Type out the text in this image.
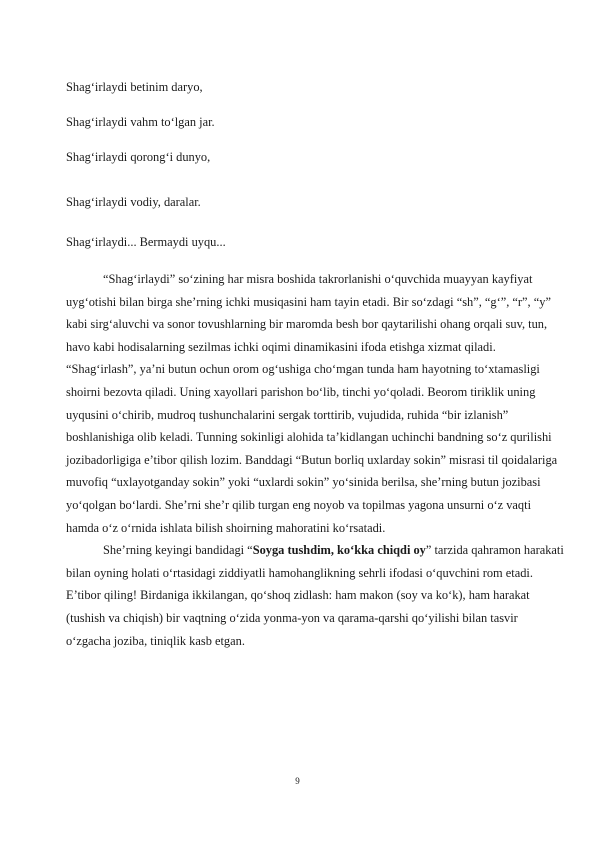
Shag‘irlaydi betinim daryo,
Shag‘irlaydi vahm to‘lgan jar.
Shag‘irlaydi qorong‘i dunyo,
Shag‘irlaydi vodiy, daralar.
Shag‘irlaydi... Bermaydi uyqu...

“Shag‘irlaydi” so‘zining har misra boshida takrorlanishi o‘quvchida muayyan kayfiyat uyg‘otishi bilan birga she’rning ichki musiqasini ham tayin etadi. Bir so‘zdagi “sh”, “g‘”, “r”, “y” kabi sirg‘aluvchi va sonor tovushlarning bir maromda besh bor qaytarilishi ohang orqali suv, tun, havo kabi hodisalarning sezilmas ichki oqimi dinamikasini ifoda etishga xizmat qiladi. “Shag‘irlash”, ya’ni butun ochun orom og‘ushiga cho‘mgan tunda ham hayotning to‘xtamasligi shoirni bezovta qiladi. Uning xayollari parishon bo‘lib, tinchi yo‘qoladi. Beorom tiriklik uning uyqusini o‘chirib, mudroq tushunchalarini sergak torttirib, vujudida, ruhida “bir izlanish” boshlanishiga olib keladi. Tunning sokinligi alohida ta’kidlangan uchinchi bandning so‘z qurilishi jozibadorligiga e’tibor qilish lozim. Banddagi “Butun borliq uxlarday sokin” misrasi til qoidalariga muvofiq “uxlayotganday sokin” yoki “uxlardi sokin” yo‘sinida berilsa, she’rning butun jozibasi yo‘qolgan bo‘lardi. She’rni she’r qilib turgan eng noyob va topilmas yagona unsurni o‘z vaqti hamda o‘z o‘rnida ishlata bilish shoirning mahoratini ko‘rsatadi.

She’rning keyingi bandidagi “Soyga tushdim, ko‘kka chiqdi oy” tarzida qahramon harakati bilan oyning holati o‘rtasidagi ziddiyatli hamohanglikning sehrli ifodasi o‘quvchini rom etadi. E’tibor qiling! Birdaniga ikkilangan, qo‘shoq zidlash: ham makon (soy va ko‘k), ham harakat (tushish va chiqish) bir vaqtning o‘zida yonma-yon va qarama-qarshi qo‘yilishi bilan tasvir o‘zgacha joziba, tiniqlik kasb etgan.

9
